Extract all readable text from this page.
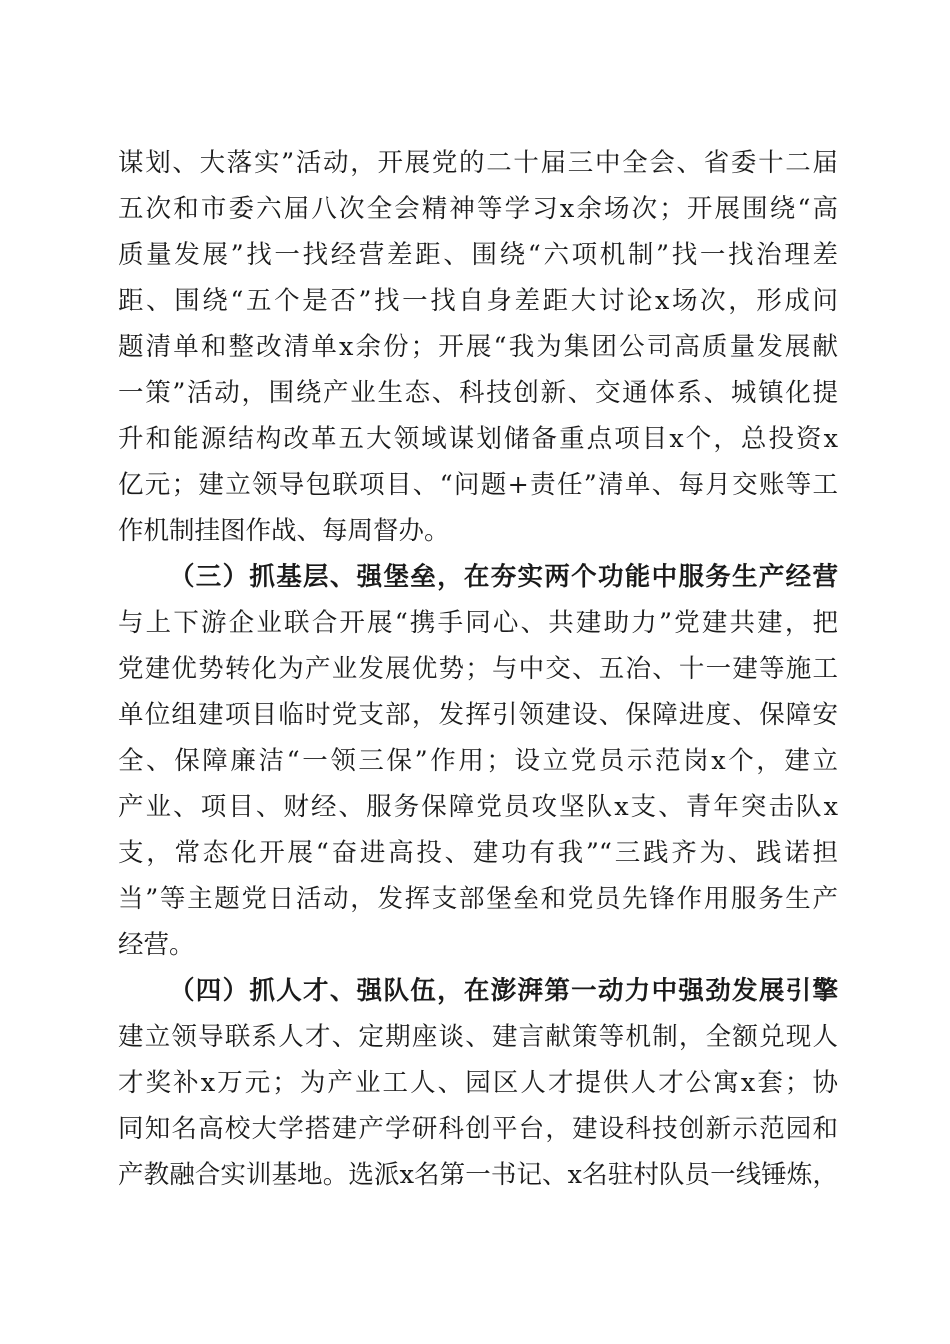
谋划、大落实”活动，开展党的二十届三中全会、省委十二届
五次和市委六届八次全会精神等学习x余场次；开展围绕“高
质量发展”找一找经营差距、围绕“六项机制”找一找治理差
距、围绕“五个是否”找一找自身差距大讨论x场次，形成问
题清单和整改清单x余份；开展“我为集团公司高质量发展献
一策”活动，围绕产业生态、科技创新、交通体系、城镇化提
升和能源结构改革五大领域谋划储备重点项目x个，总投资x
亿元；建立领导包联项目、“问题+责任”清单、每月交账等工
作机制挂图作战、每周督办。
（三）抓基层、强堡垒，在夯实两个功能中服务生产经营
与上下游企业联合开展“携手同心、共建助力”党建共建，把
党建优势转化为产业发展优势；与中交、五冶、十一建等施工
单位组建项目临时党支部，发挥引领建设、保障进度、保障安
全、保障廉洁“一领三保”作用；设立党员示范岗x个，建立
产业、项目、财经、服务保障党员攻坚队x支、青年突击队x
支，常态化开展“奋进高投、建功有我”“三践齐为、践诺担
当”等主题党日活动，发挥支部堡垒和党员先锋作用服务生产
经营。
（四）抓人才、强队伍，在澎湃第一动力中强劲发展引擎
建立领导联系人才、定期座谈、建言献策等机制，全额兑现人
才奖补x万元；为产业工人、园区人才提供人才公寓x套；协
同知名高校大学搭建产学研科创平台，建设科技创新示范园和
产教融合实训基地。选派x名第一书记、x名驻村队员一线锤炼，
